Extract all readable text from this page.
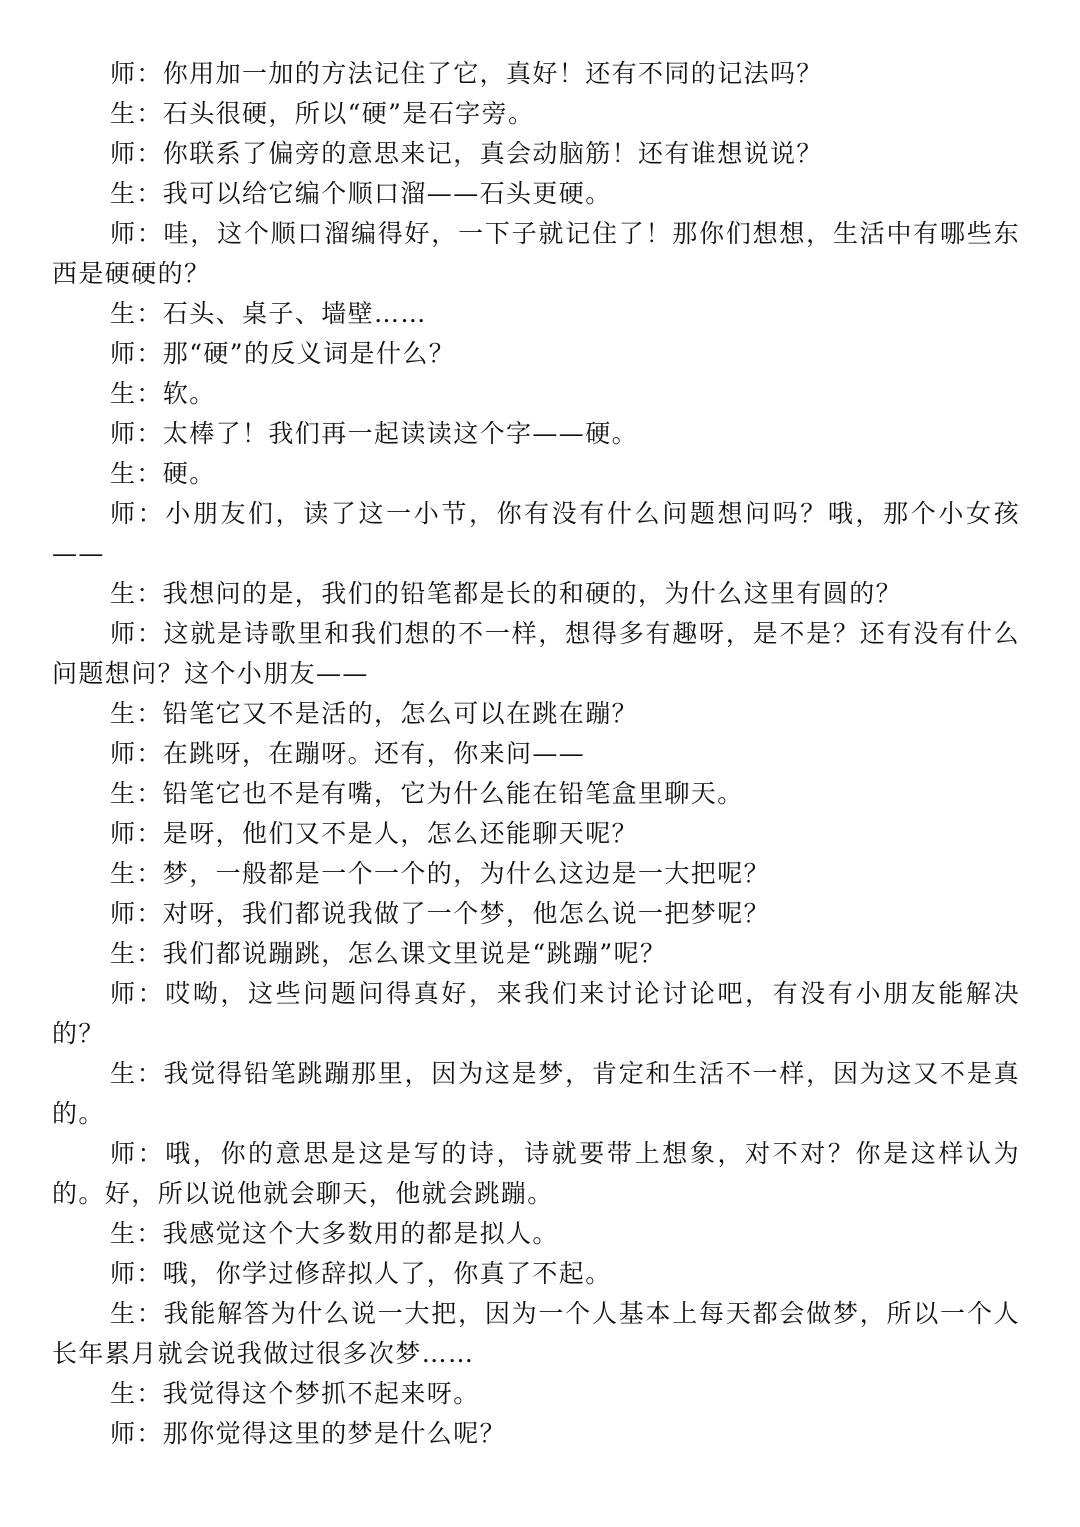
师：你用加一加的方法记住了它，真好！还有不同的记法吗？

生：石头很硬，所以“硬”是石字旁。

师：你联系了偏旁的意思来记，真会动脑筋！还有谁想说说？

生：我可以给它编个顺口溜——石头更硬。

师：哇，这个顺口溜编得好，一下子就记住了！那你们想想，生活中有哪些东西是硬硬的？

生：石头、桌子、墙壁……

师：那“硬”的反义词是什么？

生：软。

师：太棒了！我们再一起读读这个字——硬。

生：硬。

师：小朋友们，读了这一小节，你有没有什么问题想问吗？哦，那个小女孩——

生：我想问的是，我们的铅笔都是长的和硬的，为什么这里有圆的？

师：这就是诗歌里和我们想的不一样，想得多有趣呀，是不是？还有没有什么问题想问？这个小朋友——

生：铅笔它又不是活的，怎么可以在跳在蹦？

师：在跳呀，在蹦呀。还有，你来问——

生：铅笔它也不是有嘴，它为什么能在铅笔盒里聊天。

师：是呀，他们又不是人，怎么还能聊天呢？

生：梦，一般都是一个一个的，为什么这边是一大把呢？

师：对呀，我们都说我做了一个梦，他怎么说一把梦呢？

生：我们都说蹦跳，怎么课文里说是“跳蹦”呢？

师：哎呦，这些问题问得真好，来我们来讨论讨论吧，有没有小朋友能解决的？

生：我觉得铅笔跳蹦那里，因为这是梦，肯定和生活不一样，因为这又不是真的。

师：哦，你的意思是这是写的诗，诗就要带上想象，对不对？你是这样认为的。好，所以说他就会聊天，他就会跳蹦。

生：我感觉这个大多数用的都是拟人。

师：哦，你学过修辞拟人了，你真了不起。

生：我能解答为什么说一大把，因为一个人基本上每天都会做梦，所以一个人长年累月就会说我做过很多次梦……

生：我觉得这个梦抓不起来呀。

师：那你觉得这里的梦是什么呢？
